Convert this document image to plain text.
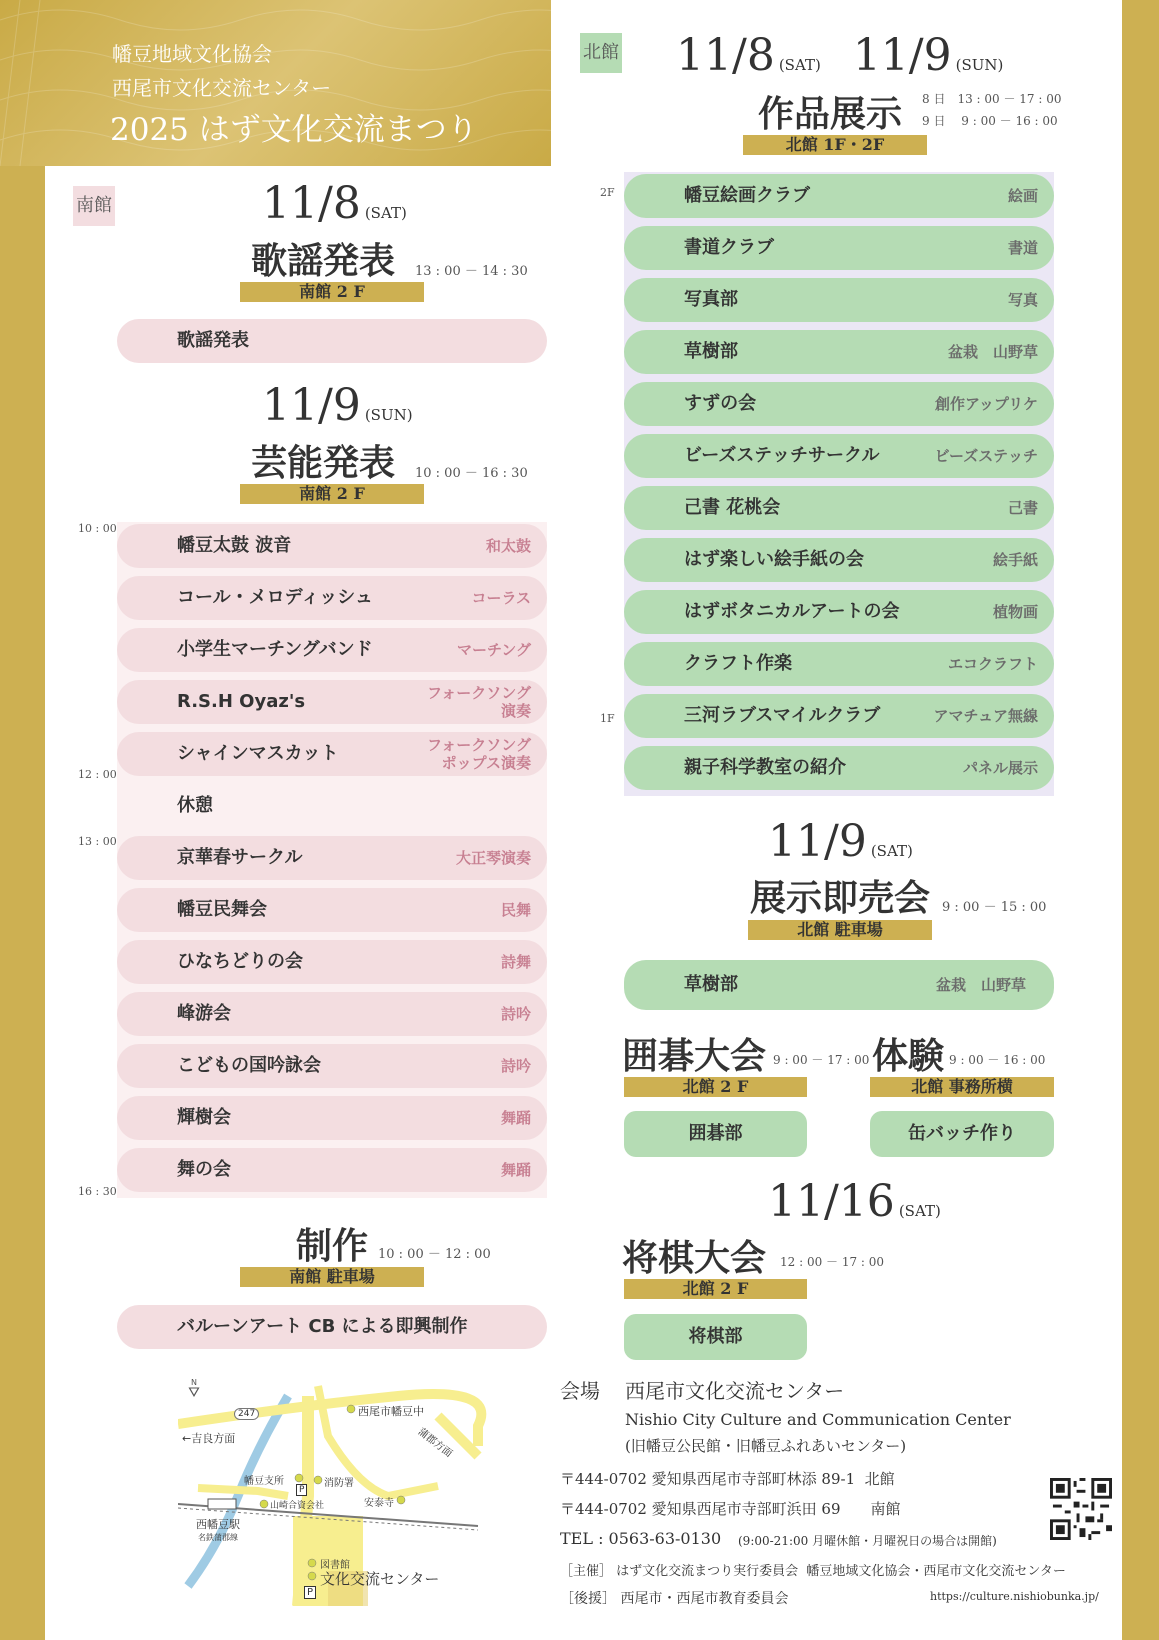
幡豆地域文化協会
西尾市文化交流センター
2025 はず文化交流まつり
南館	11/8 (SAT)
歌謡発表 13 : 00 － 14 : 30
南館 2 F
歌謡発表
11/9 (SUN)
芸能発表 10 : 00 － 16 : 30
南館 2 F
10 : 00
12 : 00
13 : 00
16 : 30
幡豆太鼓 波音	和太鼓
コール・メロディッシュ	コーラス
小学生マーチングバンド	マーチング
R.S.H Oyaz's	フォークソング
演奏
シャインマスカット	フォークソング
ポップス演奏
休憩
京華春サークル	大正琴演奏
幡豆民舞会	民舞
ひなちどりの会	詩舞
峰游会	詩吟
こどもの国吟詠会	詩吟
輝樹会	舞踊
舞の会	舞踊
制作 10 : 00 － 12 : 00
南館 駐車場
バルーンアート CB による即興制作
N
⛛
247
←吉良方面
西尾市幡豆中
蒲郡方面
幡豆支所
P
消防署
山崎合資会社	安泰寺
西幡豆駅
名鉄蒲郡線
図書館
文化交流センター
P
北館 11/8 (SAT) 11/9 (SUN)
作品展示 8 日　13 : 00 － 17 : 00
9 日　 9 : 00 － 16 : 00
北館 1F・2F
2F
1F
幡豆絵画クラブ	絵画
書道クラブ	書道
写真部	写真
草樹部	盆栽　山野草
すずの会	創作アップリケ
ビーズステッチサークル	ビーズステッチ
己書 花桃会	己書
はず楽しい絵手紙の会	絵手紙
はずボタニカルアートの会	植物画
クラフト作楽	エコクラフト
三河ラブスマイルクラブ	アマチュア無線
親子科学教室の紹介	パネル展示
11/9 (SAT)
展示即売会 9 : 00 － 15 : 00
北館 駐車場
草樹部	盆栽　山野草
囲碁大会 9 : 00 － 17 : 00
北館 2 F
囲碁部
体験 9 : 00 － 16 : 00
北館 事務所横
缶バッチ作り
11/16 (SAT)
将棋大会 12 : 00 － 17 : 00
北館 2 F
将棋部
会場 西尾市文化交流センター
Nishio City Culture and Communication Center
(旧幡豆公民館・旧幡豆ふれあいセンター)
〒444-0702 愛知県西尾市寺部町林添 89-1  北館
〒444-0702 愛知県西尾市寺部町浜田 69　　南館
TEL : 0563-63-0130 (9:00-21:00 月曜休館・月曜祝日の場合は開館)
［主催］ はず文化交流まつり実行委員会  幡豆地域文化協会・西尾市文化交流センター
［後援］ 西尾市・西尾市教育委員会	https://culture.nishiobunka.jp/
